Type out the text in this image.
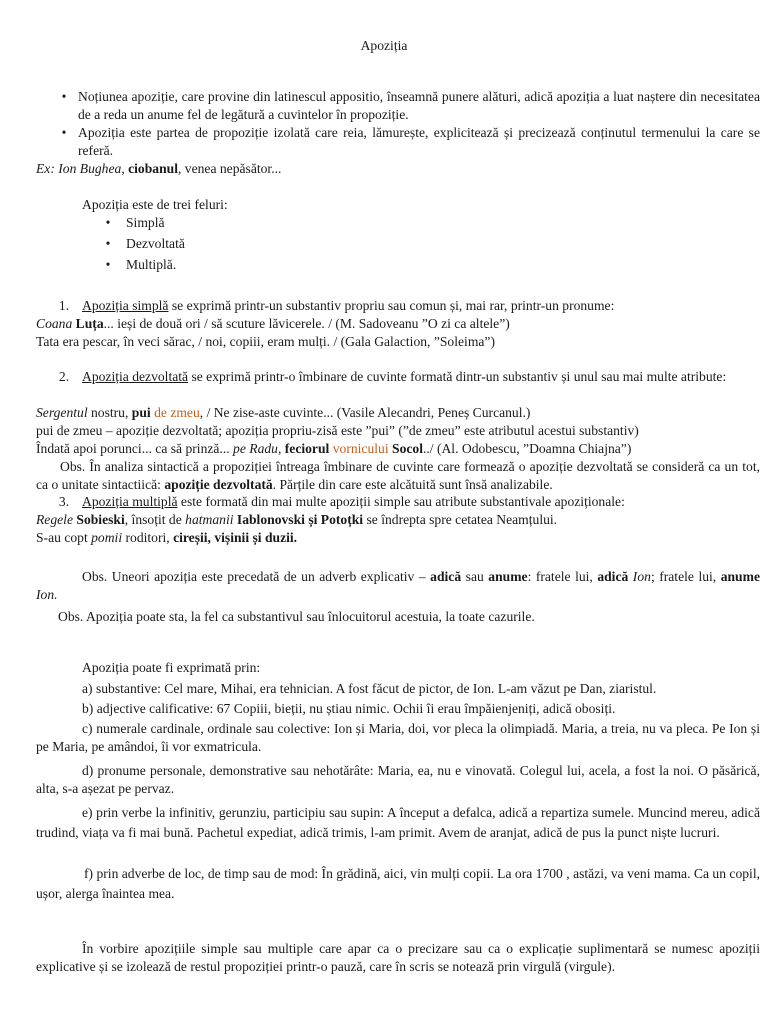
Apoziția
• Noțiunea apoziție, care provine din latinescul appositio, înseamnă punere alături, adică apoziția a luat naștere din necesitatea de a reda un anume fel de legătură a cuvintelor în propoziție.
• Apoziția este partea de propoziție izolată care reia, lămurește, explicitează și precizează conținutul termenului la care se referă.
Ex: Ion Bughea, ciobanul, venea nepăsător...
Apoziția este de trei feluri:
•	Simplă
•	Dezvoltată
•	Multiplă.
1. Apoziția simplă se exprimă printr-un substantiv propriu sau comun și, mai rar, printr-un pronume:
Coana Luța... ieși de două ori / să scuture lăvicerele. / (M. Sadoveanu ”O zi ca altele”)
Tata era pescar, în veci sărac, / noi, copiii, eram mulți. / (Gala Galaction, ”Soleima”)
2. Apoziția dezvoltată se exprimă printr-o îmbinare de cuvinte formată dintr-un substantiv și unul sau mai multe atribute:
Sergentul nostru, pui de zmeu, / Ne zise-aste cuvinte... (Vasile Alecandri, Peneș Curcanul.)
pui de zmeu – apoziție dezvoltată; apoziția propriu-zisă este ”pui” (”de zmeu” este atributul acestui substantiv)
Îndată apoi porunci... ca să prinză... pe Radu, feciorul vornicului Socol../ (Al. Odobescu, ”Doamna Chiajna”)
Obs. În analiza sintactică a propoziției întreaga îmbinare de cuvinte care formează o apoziție dezvoltată se consideră ca un tot, ca o unitate sintactiică: apoziție dezvoltată. Părțile din care este alcătuită sunt însă analizabile.
3. Apoziția multiplă este formată din mai multe apoziții simple sau atribute substantivale apoziționale:
Regele Sobieski, însoțit de hatmanii Iablonovski și Potoțki se îndrepta spre cetatea Neamțului.
S-au copt pomii roditori, cireșii, vișinii și duzii.
Obs. Uneori apoziția este precedată de un adverb explicativ – adică sau anume: fratele lui, adică Ion; fratele lui, anume Ion.
Obs. Apoziția poate sta, la fel ca substantivul sau înlocuitorul acestuia, la toate cazurile.
Apoziția poate fi exprimată prin:
a) substantive: Cel mare, Mihai, era tehnician. A fost făcut de pictor, de Ion. L-am văzut pe Dan, ziaristul.
b) adjective calificative: 67 Copiii, bieții, nu știau nimic. Ochii îi erau împăienjeniți, adică obosiți.
c) numerale cardinale, ordinale sau colective: Ion și Maria, doi, vor pleca la olimpiadă. Maria, a treia, nu va pleca. Pe Ion și pe Maria, pe amândoi, îi vor exmatricula.
d) pronume personale, demonstrative sau nehotărâte: Maria, ea, nu e vinovată. Colegul lui, acela, a fost la noi. O păsărică, alta, s-a așezat pe pervaz.
e) prin verbe la infinitiv, gerunziu, participiu sau supin: A început a defalca, adică a repartiza sumele. Muncind mereu, adică trudind, viața va fi mai bună. Pachetul expediat, adică trimis, l-am primit. Avem de aranjat, adică de pus la punct niște lucruri.
f) prin adverbe de loc, de timp sau de mod: În grădină, aici, vin mulți copii. La ora 1700 , astăzi, va veni mama. Ca un copil, ușor, alerga înaintea mea.
În vorbire apozițiile simple sau multiple care apar ca o precizare sau ca o explicație suplimentară se numesc apoziții explicative și se izolează de restul propoziției printr-o pauză, care în scris se notează prin virgulă (virgule).
